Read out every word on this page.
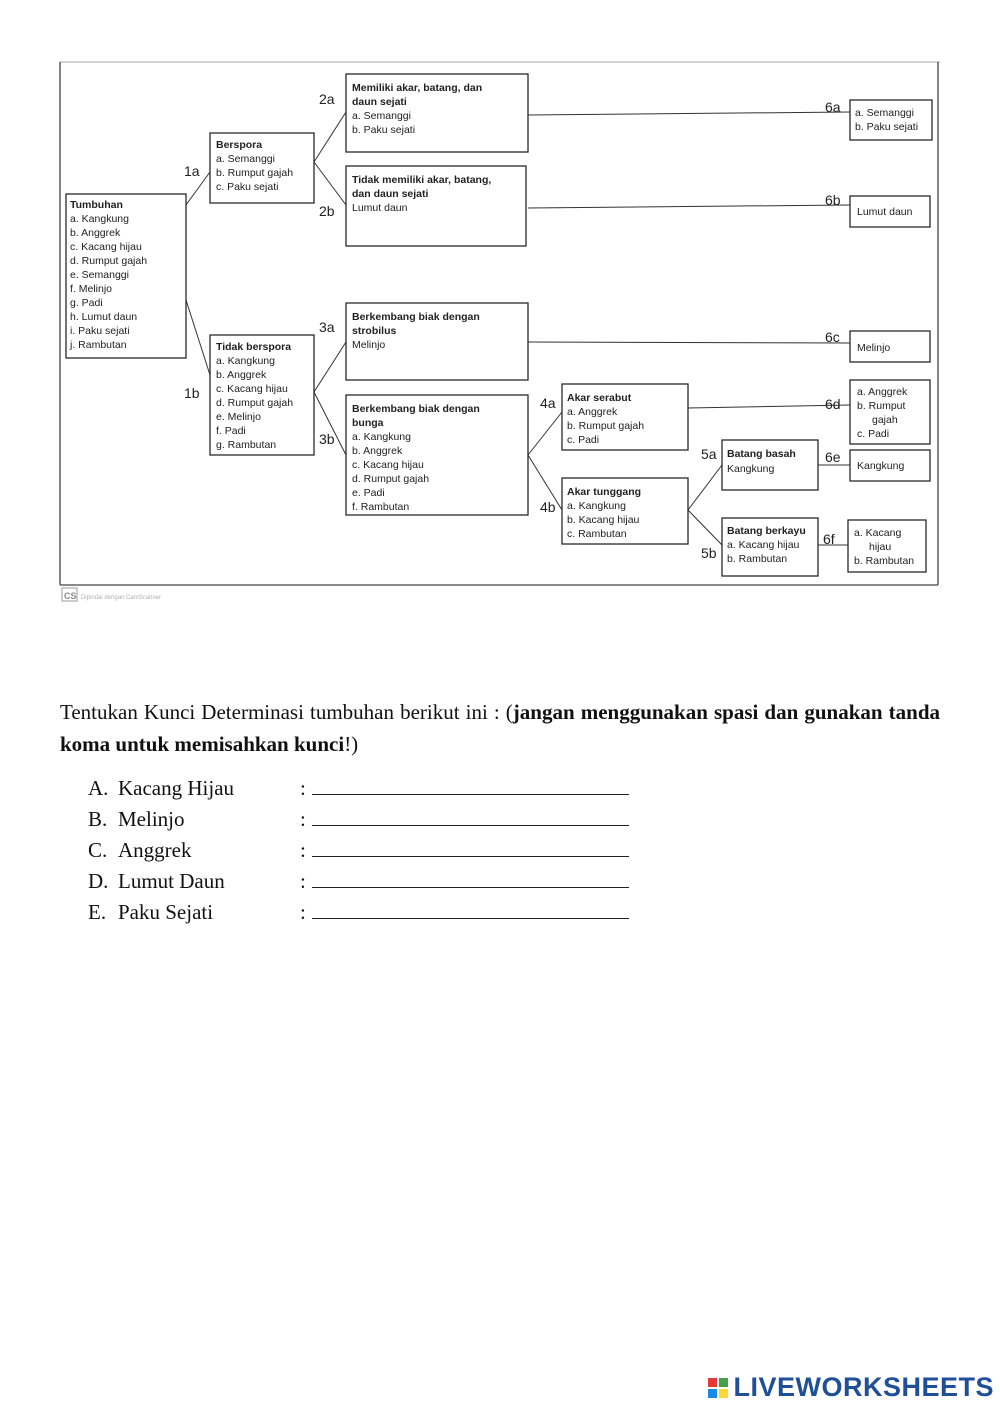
Tumbuhan
a. Kangkung
b. Anggrek
c. Kacang hijau
d. Rumput gajah
e. Semanggi
f. Melinjo
g. Padi
h. Lumut daun
i. Paku sejati
j. Rambutan
Berspora
a. Semanggi
b. Rumput gajah
c. Paku sejati
Tidak berspora
a. Kangkung
b. Anggrek
c. Kacang hijau
d. Rumput gajah
e. Melinjo
f. Padi
g. Rambutan
Memiliki akar, batang, dan
daun sejati
a. Semanggi
b. Paku sejati
Tidak memiliki akar, batang,
dan daun sejati
Lumut daun
Berkembang biak dengan
strobilus
Melinjo
Berkembang biak dengan
bunga
a. Kangkung
b. Anggrek
c. Kacang hijau
d. Rumput gajah
e. Padi
f. Rambutan
Akar serabut
a. Anggrek
b. Rumput gajah
c. Padi
Akar tunggang
a. Kangkung
b. Kacang hijau
c. Rambutan
Batang basah
Kangkung
Batang berkayu
a. Kacang hijau
b. Rambutan
a. Semanggi
b. Paku sejati
Lumut daun
Melinjo
a. Anggrek
b. Rumput
gajah
c. Padi
Kangkung
a. Kacang
hijau
b. Rambutan
1a
1b
2a
2b
3a
3b
4a
4b
5a
5b
6a
6b
6c
6d
6e
6f
CS Dipindai dengan CamScanner

Tentukan Kunci Determinasi tumbuhan berikut ini : (jangan menggunakan spasi dan gunakan tanda koma untuk memisahkan kunci!)

A. Kacang Hijau	:
B. Melinjo	:
C. Anggrek	:
D. Lumut Daun	:
E. Paku Sejati	:
LIVEWORKSHEETS
